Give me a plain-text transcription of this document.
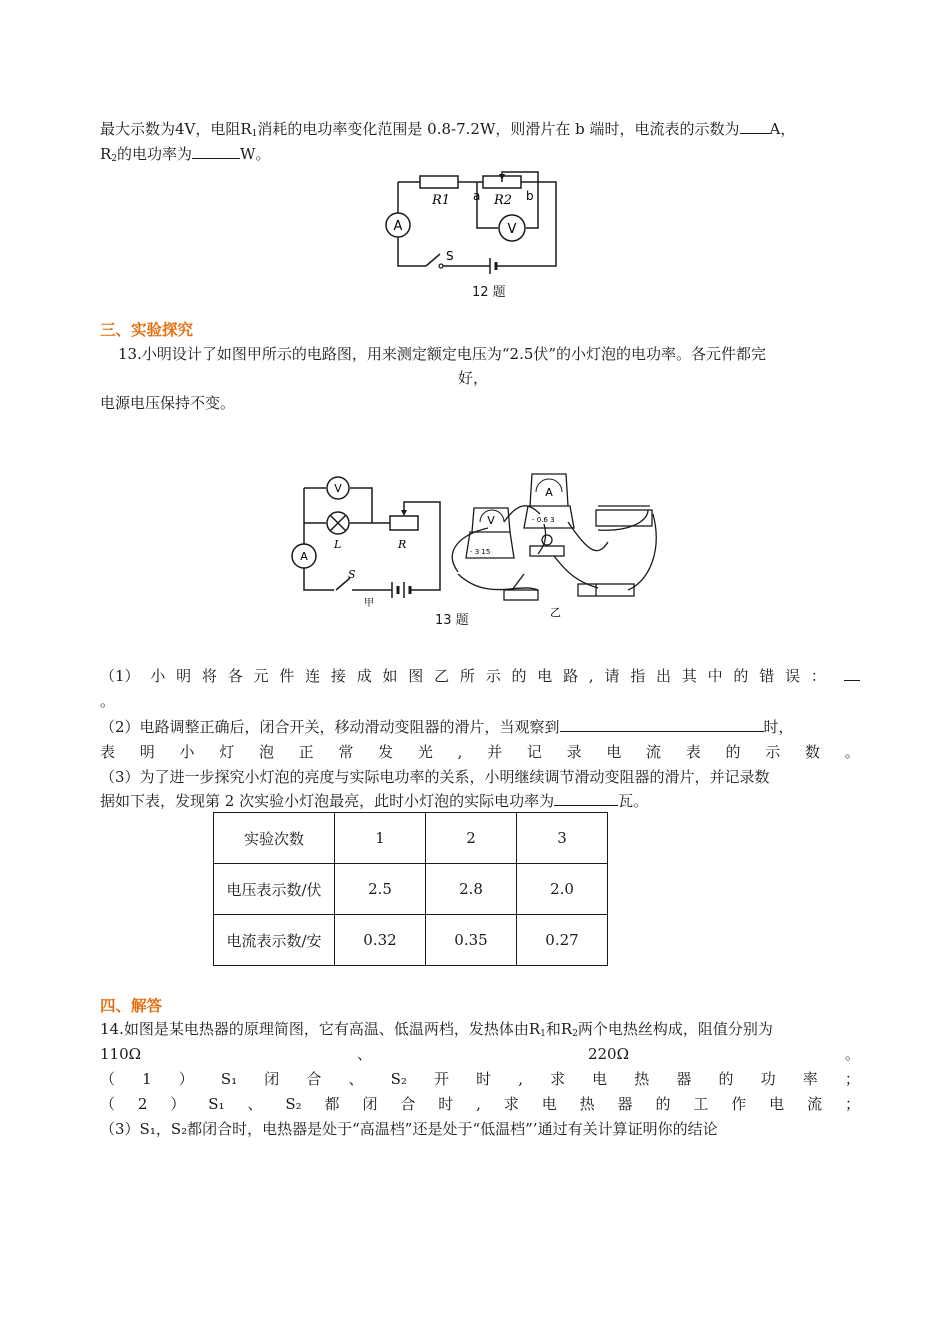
最大示数为4V，电阻$R_1$消耗的电功率变化范围是 0.8-7.2W，则滑片在 b 端时，电流表的示数为 A，
$R_2$的电功率为	W。
A	V
R1	R2
a	b
S
12 题
三、实验探究
13.小明设计了如图甲所示的电路图，用来测定额定电压为“2.5伏”的小灯泡的电功率。各元件都完
好，
电源电压保持不变。
V
A
L	R
S
甲
V
A
- 0.6 3
- 3 15
乙
13 题
（1） 小 明 将 各 元 件 连 接 成 如 图 乙 所 示 的 电 路 , 请 指 出 其 中 的 错 误 ：
。
（2）电路调整正确后，闭合开关，移动滑动变阻器的滑片，当观察到	时，
表 明 小 灯 泡 正 常 发 光 , 并 记 录 电 流 表 的 示 数 。
（3）为了进一步探究小灯泡的亮度与实际电功率的关系，小明继续调节滑动变阻器的滑片，并记录数
据如下表，发现第 2 次实验小灯泡最亮，此时小灯泡的实际电功率为	瓦。
实验次数	1	2	3
电压表示数/伏	2.5	2.8	2.0
电流表示数/安	0.32	0.35	0.27
四、解答
14.如图是某电热器的原理简图，它有高温、低温两档，发热体由$R_1$和$R_2$两个电热丝构成，阻值分别为
110Ω	、	220Ω	。
（ 1 ） S₁ 闭 合 、 S₂ 开 时 , 求 电 热 器 的 功 率 ；
（ 2 ） S₁ 、 S₂ 都 闭 合 时 , 求 电 热 器 的 工 作 电 流 ；
（3）S₁，S₂都闭合时，电热器是处于“高温档”还是处于“低温档”’通过有关计算证明你的结论
